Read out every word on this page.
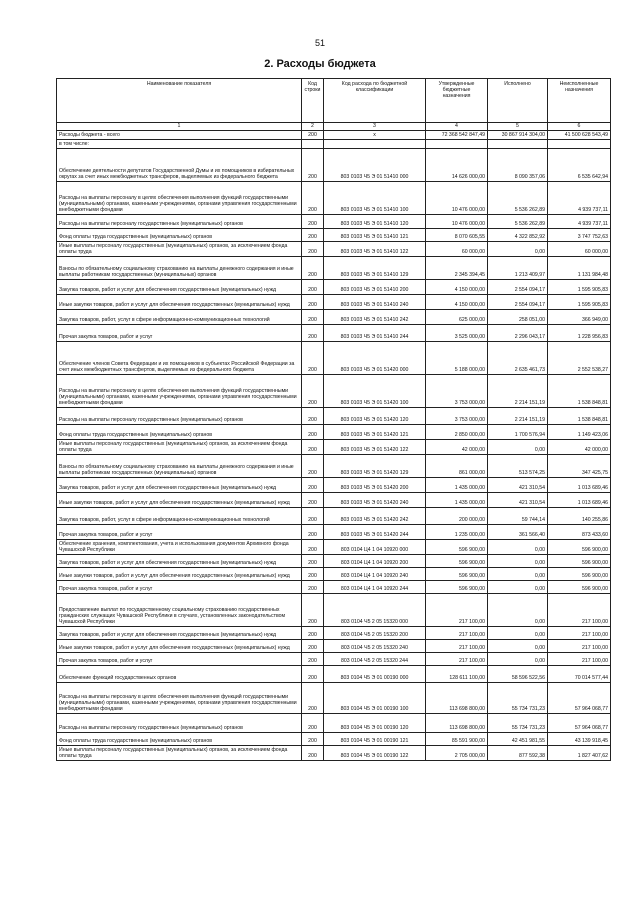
51
2. Расходы бюджета
Наименование показателя	Код строки	Код расхода по бюджетной классификации	Утвержденные бюджетные назначения	Исполнено	Неисполненные назначения
1	2	3	4	5	6
Расходы бюджета - всего	200	x	72 368 542 847,49	30 867 914 304,00	41 500 628 543,49
в том числе:					
Обеспечение деятельности депутатов Государственной Думы и их помощников в избирательных округах за счет иных межбюджетных трансферов, выделяемых из федерального бюджета	200	803 0103 Ч5 Э 01 51410 000	14 626 000,00	8 090 357,06	6 535 642,94
Расходы на выплаты персоналу в целях обеспечения выполнения функций государственными (муниципальными) органами, казенными учреждениями, органами управления государственными внебюджетными фондами	200	803 0103 Ч5 Э 01 51410 100	10 476 000,00	5 536 262,89	4 939 737,11
Расходы на выплаты персоналу государственных (муниципальных) органов	200	803 0103 Ч5 Э 01 51410 120	10 476 000,00	5 536 262,89	4 939 737,11
Фонд оплаты труда государственных (муниципальных) органов	200	803 0103 Ч5 Э 01 51410 121	8 070 605,55	4 322 852,92	3 747 752,63
Иные выплаты персоналу государственных (муниципальных) органов, за исключением фонда оплаты труда	200	803 0103 Ч5 Э 01 51410 122	60 000,00	0,00	60 000,00
Взносы по обязательному социальному страхованию на выплаты денежного содержания и иные выплаты работникам государственных (муниципальных) органов	200	803 0103 Ч5 Э 01 51410 129	2 345 394,45	1 213 409,97	1 131 984,48
Закупка товаров, работ и услуг для обеспечения государственных (муниципальных) нужд	200	803 0103 Ч5 Э 01 51410 200	4 150 000,00	2 554 094,17	1 595 905,83
Иные закупки товаров, работ и услуг для обеспечения государственных (муниципальных) нужд	200	803 0103 Ч5 Э 01 51410 240	4 150 000,00	2 554 094,17	1 595 905,83
Закупка товаров, работ, услуг в сфере информационно-коммуникационных технологий	200	803 0103 Ч5 Э 01 51410 242	625 000,00	258 051,00	366 949,00
Прочая закупка товаров, работ и услуг	200	803 0103 Ч5 Э 01 51410 244	3 525 000,00	2 296 043,17	1 228 956,83
Обеспечение членов Совета Федерации и их помощников в субъектах Российской Федерации за счет иных межбюджетных трансфертов, выделяемых из федерального бюджета	200	803 0103 Ч5 Э 01 51420 000	5 188 000,00	2 635 461,73	2 552 538,27
Расходы на выплаты персоналу в целях обеспечения выполнения функций государственными (муниципальными) органами, казенными учреждениями, органами управления государственными внебюджетными фондами	200	803 0103 Ч5 Э 01 51420 100	3 753 000,00	2 214 151,19	1 538 848,81
Расходы на выплаты персоналу государственных (муниципальных) органов	200	803 0103 Ч5 Э 01 51420 120	3 753 000,00	2 214 151,19	1 538 848,81
Фонд оплаты труда государственных (муниципальных) органов	200	803 0103 Ч5 Э 01 51420 121	2 850 000,00	1 700 576,94	1 149 423,06
Иные выплаты персоналу государственных (муниципальных) органов, за исключением фонда оплаты труда	200	803 0103 Ч5 Э 01 51420 122	42 000,00	0,00	42 000,00
Взносы по обязательному социальному страхованию на выплаты денежного содержания и иные выплаты работникам государственных (муниципальных) органов	200	803 0103 Ч5 Э 01 51420 129	861 000,00	513 574,25	347 425,75
Закупка товаров, работ и услуг для обеспечения государственных (муниципальных) нужд	200	803 0103 Ч5 Э 01 51420 200	1 435 000,00	421 310,54	1 013 689,46
Иные закупки товаров, работ и услуг для обеспечения государственных (муниципальных) нужд	200	803 0103 Ч5 Э 01 51420 240	1 435 000,00	421 310,54	1 013 689,46
Закупка товаров, работ, услуг в сфере информационно-коммуникационных технологий	200	803 0103 Ч5 Э 01 51420 242	200 000,00	59 744,14	140 255,86
Прочая закупка товаров, работ и услуг	200	803 0103 Ч5 Э 01 51420 244	1 235 000,00	361 566,40	873 433,60
Обеспечение хранения, комплектования, учета и использования документов Архивного фонда Чувашской Республики	200	803 0104 Ц4 1 04 10920 000	596 900,00	0,00	596 900,00
Закупка товаров, работ и услуг для обеспечения государственных (муниципальных) нужд	200	803 0104 Ц4 1 04 10920 200	596 900,00	0,00	596 900,00
Иные закупки товаров, работ и услуг для обеспечения государственных (муниципальных) нужд	200	803 0104 Ц4 1 04 10920 240	596 900,00	0,00	596 900,00
Прочая закупка товаров, работ и услуг	200	803 0104 Ц4 1 04 10920 244	596 900,00	0,00	596 900,00
Предоставление выплат по государственному социальному страхованию государственных гражданских служащих Чувашской Республики в случаях, установленных законодательством Чувашской Республики	200	803 0104 Ч5 2 05 15320 000	217 100,00	0,00	217 100,00
Закупка товаров, работ и услуг для обеспечения государственных (муниципальных) нужд	200	803 0104 Ч5 2 05 15320 200	217 100,00	0,00	217 100,00
Иные закупки товаров, работ и услуг для обеспечения государственных (муниципальных) нужд	200	803 0104 Ч5 2 05 15320 240	217 100,00	0,00	217 100,00
Прочая закупка товаров, работ и услуг	200	803 0104 Ч5 2 05 15320 244	217 100,00	0,00	217 100,00
Обеспечение функций государственных органов	200	803 0104 Ч5 Э 01 00190 000	128 611 100,00	58 596 522,56	70 014 577,44
Расходы на выплаты персоналу в целях обеспечения выполнения функций государственными (муниципальными) органами, казенными учреждениями, органами управления государственными внебюджетными фондами	200	803 0104 Ч5 Э 01 00190 100	113 698 800,00	55 734 731,23	57 964 068,77
Расходы на выплаты персоналу государственных (муниципальных) органов	200	803 0104 Ч5 Э 01 00190 120	113 698 800,00	55 734 731,23	57 964 068,77
Фонд оплаты труда государственных (муниципальных) органов	200	803 0104 Ч5 Э 01 00190 121	85 591 900,00	42 451 981,55	43 139 918,45
Иные выплаты персоналу государственных (муниципальных) органов, за исключением фонда оплаты труда	200	803 0104 Ч5 Э 01 00190 122	2 705 000,00	877 592,38	1 827 407,62
